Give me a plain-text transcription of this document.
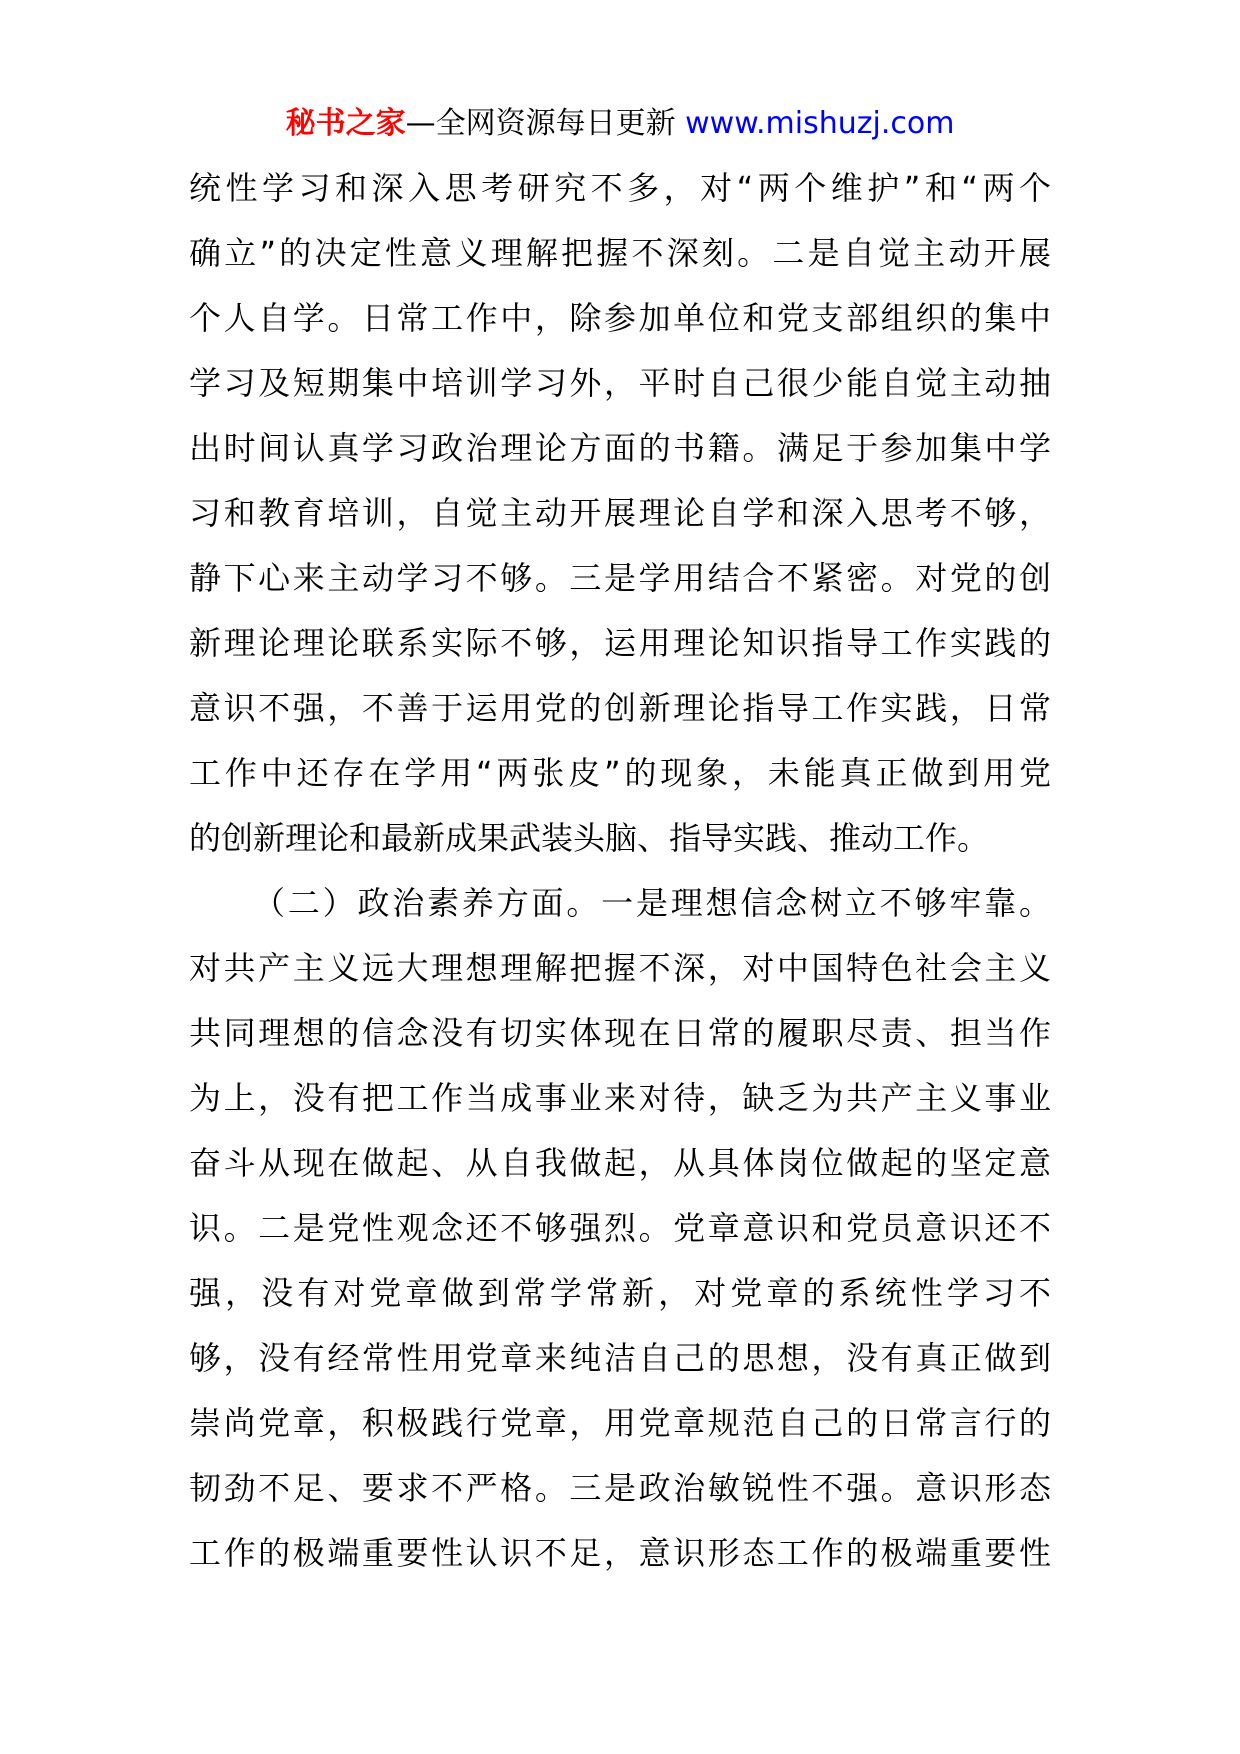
秘书之家—全网资源每日更新 www.mishuzj.com
统性学习和深入思考研究不多，对“两个维护”和“两个
确立”的决定性意义理解把握不深刻。二是自觉主动开展
个人自学。日常工作中，除参加单位和党支部组织的集中
学习及短期集中培训学习外，平时自己很少能自觉主动抽
出时间认真学习政治理论方面的书籍。满足于参加集中学
习和教育培训，自觉主动开展理论自学和深入思考不够，
静下心来主动学习不够。三是学用结合不紧密。对党的创
新理论理论联系实际不够，运用理论知识指导工作实践的
意识不强，不善于运用党的创新理论指导工作实践，日常
工作中还存在学用“两张皮”的现象，未能真正做到用党
的创新理论和最新成果武装头脑、指导实践、推动工作。
（二）政治素养方面。一是理想信念树立不够牢靠。
对共产主义远大理想理解把握不深，对中国特色社会主义
共同理想的信念没有切实体现在日常的履职尽责、担当作
为上，没有把工作当成事业来对待，缺乏为共产主义事业
奋斗从现在做起、从自我做起，从具体岗位做起的坚定意
识。二是党性观念还不够强烈。党章意识和党员意识还不
强，没有对党章做到常学常新，对党章的系统性学习不
够，没有经常性用党章来纯洁自己的思想，没有真正做到
崇尚党章，积极践行党章，用党章规范自己的日常言行的
韧劲不足、要求不严格。三是政治敏锐性不强。意识形态
工作的极端重要性认识不足，意识形态工作的极端重要性
